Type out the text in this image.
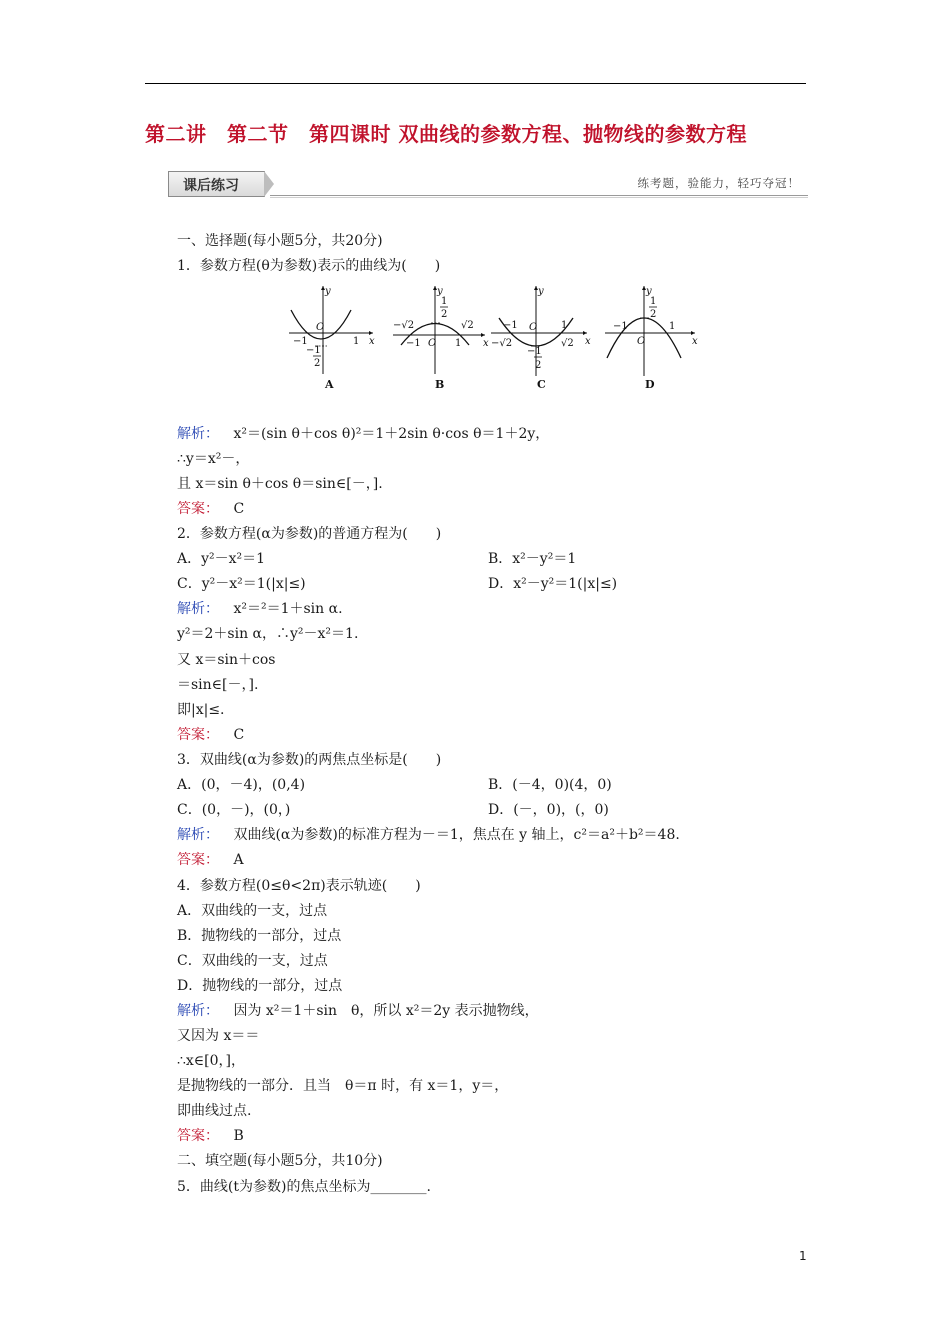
第二讲　第二节　第四课时 双曲线的参数方程、抛物线的参数方程
课后练习	练考题，验能力，轻巧夺冠！
一、选择题(每小题5分，共20分)
1．参数方程(θ为参数)表示的曲线为(　　)
y
x
O
−1	1
−1
2
A
y
x
1
2
−√2	√2
−1 O 1
B
y
x
−1 O 1
−√2	√2
−1
2
C
y
x
1
2
−1	1
O
D
解析： x²＝(sin θ＋cos θ)²＝1＋2sin θ·cos θ＝1＋2y，
∴y＝x²－，
且 x＝sin θ＋cos θ＝sin∈[－，].
答案： C
2．参数方程(α为参数)的普通方程为(　　)
A．y²－x²＝1	B．x²－y²＝1
C．y²－x²＝1(|x|≤)	D．x²－y²＝1(|x|≤)
解析： x²＝²＝1＋sin α.
y²＝2＋sin α，∴y²－x²＝1.
又 x＝sin＋cos
＝sin∈[－，].
即|x|≤.
答案： C
3．双曲线(α为参数)的两焦点坐标是(　　)
A．(0，－4)，(0,4)	B．(－4，0)(4，0)
C．(0，－)，(0，)	D．(－，0)，(，0)
解析： 双曲线(α为参数)的标准方程为－＝1，焦点在 y 轴上，c²＝a²＋b²＝48.
答案： A
4．参数方程(0≤θ<2π)表示轨迹(　　)
A．双曲线的一支，过点
B．抛物线的一部分，过点
C．双曲线的一支，过点
D．抛物线的一部分，过点
解析： 因为 x²＝1＋sin　θ，所以 x²＝2y 表示抛物线，
又因为 x＝＝
∴x∈[0，]，
是抛物线的一部分．且当　θ＝π 时，有 x＝1，y＝，
即曲线过点.
答案： B
二、填空题(每小题5分，共10分)
5．曲线(t为参数)的焦点坐标为________.
1
